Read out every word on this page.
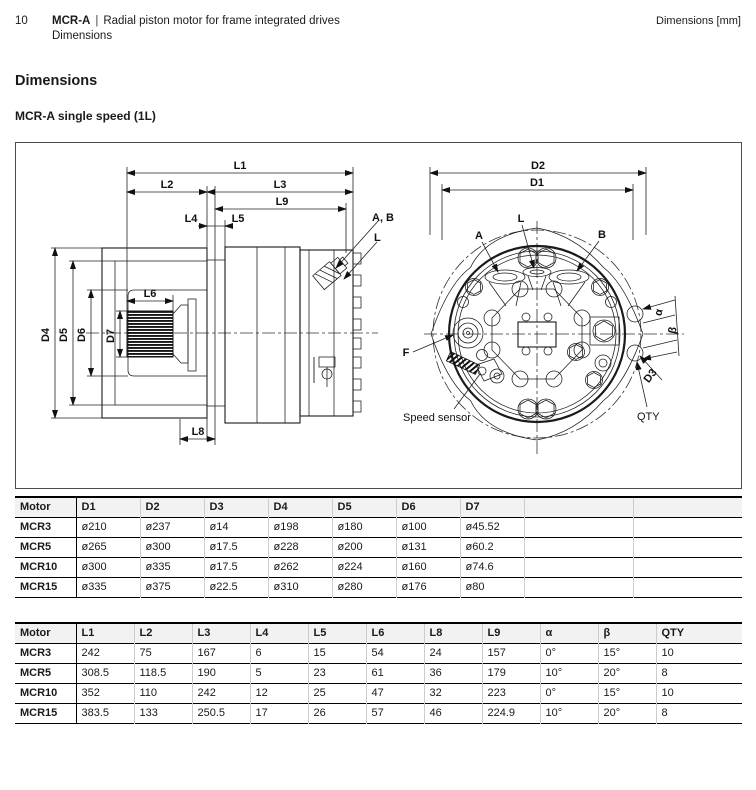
10	MCR-A | Radial piston motor for frame integrated drives
Dimensions
Dimensions [mm]
Dimensions
MCR-A single speed (1L)
L1
L2	L3
L9
L4	L5
L6
L8
D4 D5 D6 D7
A, B
L
D2
D1
α
β
D3
A	B
L
F
Speed sensor	QTY
Motor	D1	D2	D3	D4	D5	D6	D7		
MCR3	ø210	ø237	ø14	ø198	ø180	ø100	ø45.52		
MCR5	ø265	ø300	ø17.5	ø228	ø200	ø131	ø60.2		
MCR10	ø300	ø335	ø17.5	ø262	ø224	ø160	ø74.6		
MCR15	ø335	ø375	ø22.5	ø310	ø280	ø176	ø80		
Motor	L1	L2	L3	L4	L5	L6	L8	L9	α	β	QTY
MCR3	242	75	167	6	15	54	24	157	0°	15°	10
MCR5	308.5	118.5	190	5	23	61	36	179	10°	20°	8
MCR10	352	110	242	12	25	47	32	223	0°	15°	10
MCR15	383.5	133	250.5	17	26	57	46	224.9	10°	20°	8
